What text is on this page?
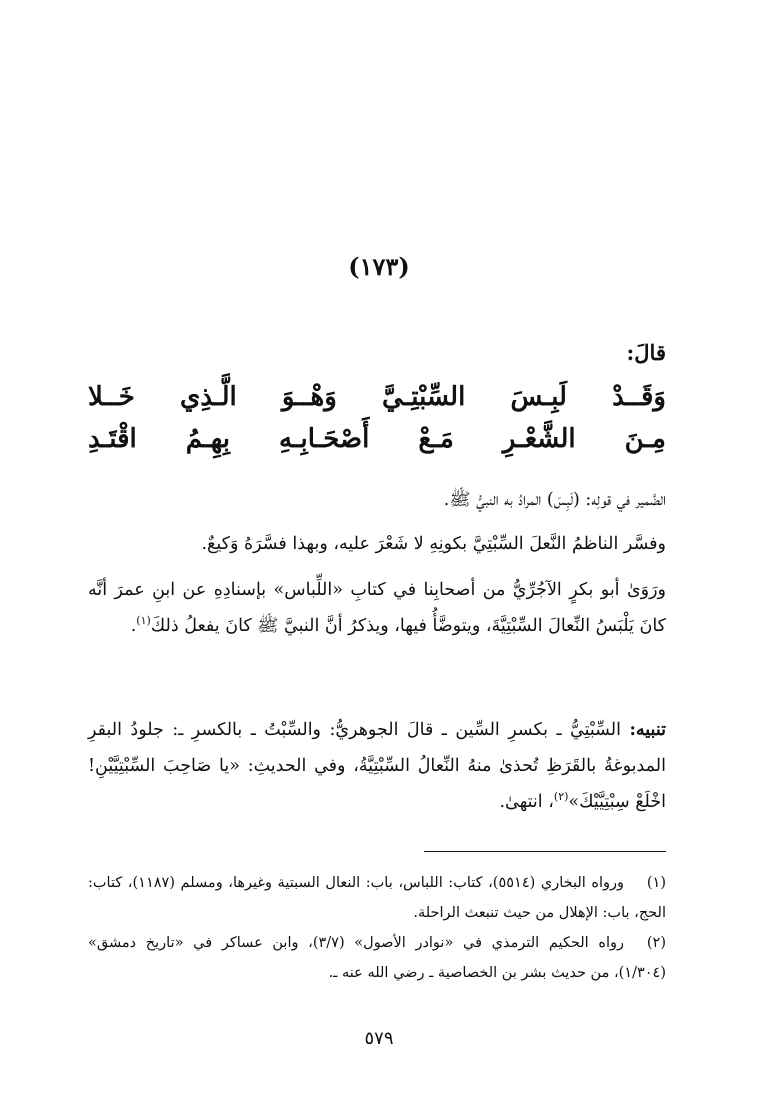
(١٧٣)
قالَ:
وَقَــدْ لَبِـسَ السِّبْتِـيَّ وَهْــوَ الَّـذِي خَــلا
مِـنَ الشَّعْـرِ مَـعْ أَصْحَـابِـهِ بِهِـمُ اقْتَـدِ
الضَّمير في قولِه: (لَبِسَ) المرادُ به النبيُّ ﷺ.
وفسَّر الناظمُ النَّعلَ السِّبْتِيَّ بكونِهِ لا شَعْرَ عليه، وبهذا فسَّرَهُ وَكيعٌ.
ورَوَىٰ أبو بكرٍ الآجُرِّيُّ من أصحابِنا في كتابِ «اللِّباس» بإسنادِهِ عن ابنِ عمرَ أنَّه كانَ يَلْبَسُ النِّعالَ السِّبْتِيَّةَ، ويتوضَّأُ فيها، ويذكرُ أنَّ النبيَّ ﷺ كانَ يفعلُ ذلكَ$^{(١)}$.
تنبيه: السِّبْتِيُّ ـ بكسرِ السِّين ـ قالَ الجوهريُّ: والسِّبْتُ ـ بالكسرِ ـ: جلودُ البقرِ المدبوغةُ بالقَرَظِ تُحذىٰ منهُ النِّعالُ السِّبْتِيَّةُ، وفي الحديثِ: «يا صَاحِبَ السِّبْتِيَّيْنِ! اخْلَعْ سِبْتِيَّيْكَ»$^{(٢)}$، انتهىٰ.
(١)ورواه البخاري (٥٥١٤)، كتاب: اللباس، باب: النعال السبتية وغيرها، ومسلم (١١٨٧)، كتاب: الحج، باب: الإهلال من حيث تنبعث الراحلة.
(٢)رواه الحكيم الترمذي في «نوادر الأصول» (٣/٧)، وابن عساكر في «تاريخ دمشق» (١/٣٠٤)، من حديث بشر بن الخصاصية ـ رضي الله عنه ـ.
٥٧٩
